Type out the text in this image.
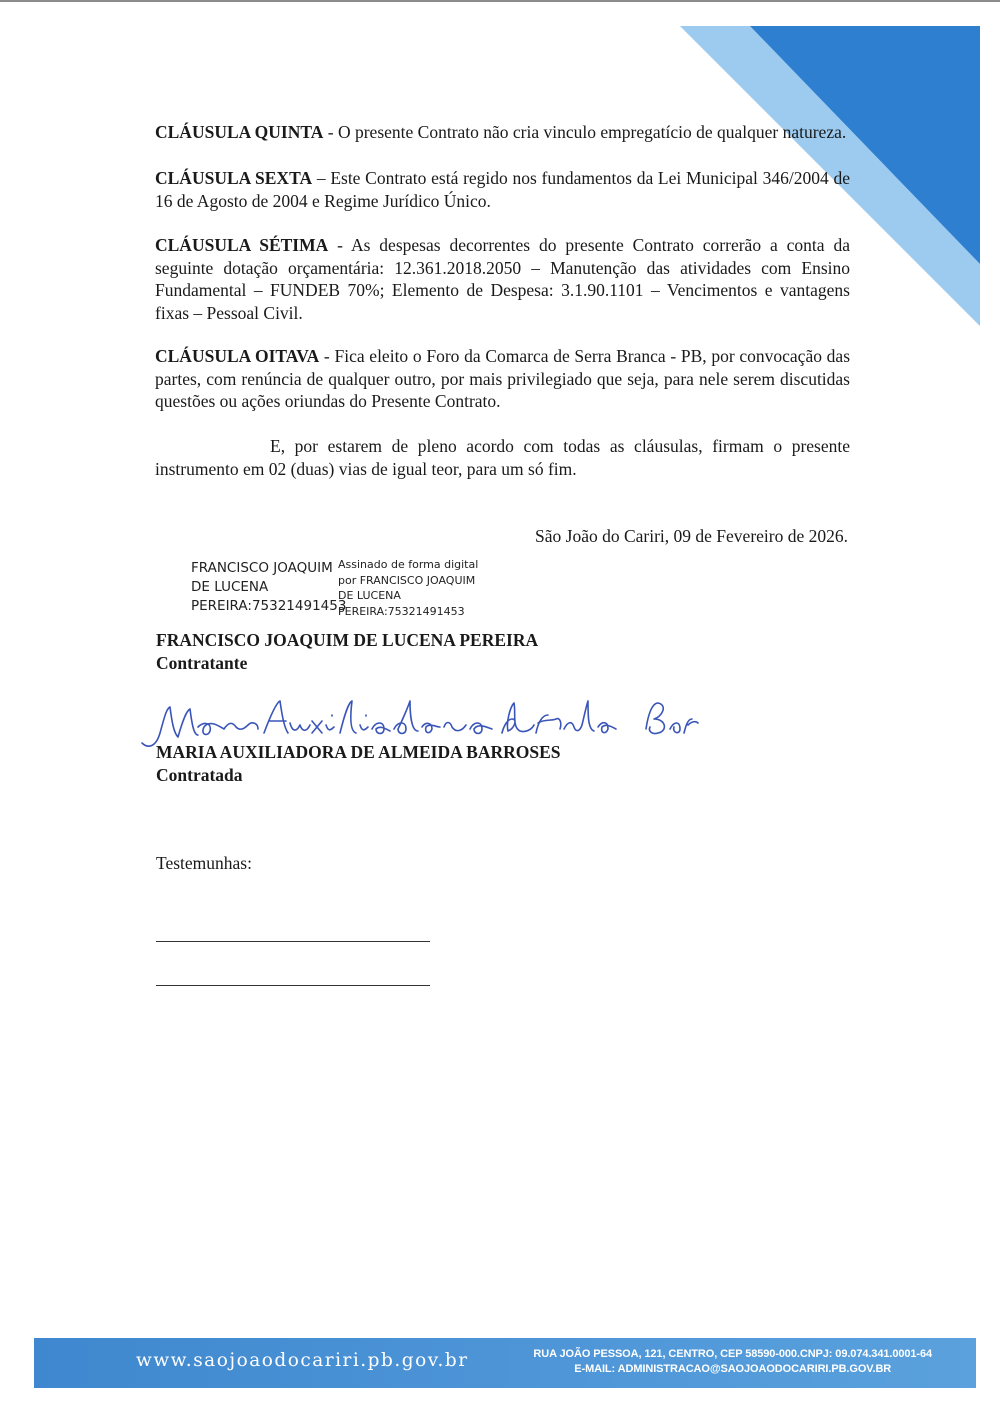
CLÁUSULA QUINTA - O presente Contrato não cria vinculo empregatício de qualquer natureza.

CLÁUSULA SEXTA – Este Contrato está regido nos fundamentos da Lei Municipal 346/2004 de 16 de Agosto de 2004 e Regime Jurídico Único.

CLÁUSULA SÉTIMA - As despesas decorrentes do presente Contrato correrão a conta da seguinte dotação orçamentária: 12.361.2018.2050 – Manutenção das atividades com Ensino Fundamental – FUNDEB 70%; Elemento de Despesa: 3.1.90.1101 – Vencimentos e vantagens fixas – Pessoal Civil.

CLÁUSULA OITAVA - Fica eleito o Foro da Comarca de Serra Branca - PB, por convocação das partes, com renúncia de qualquer outro, por mais privilegiado que seja, para nele serem discutidas questões ou ações oriundas do Presente Contrato.

E, por estarem de pleno acordo com todas as cláusulas, firmam o presente instrumento em 02 (duas) vias de igual teor, para um só fim.

São João do Cariri, 09 de Fevereiro de 2026.
FRANCISCO JOAQUIM
DE LUCENA
PEREIRA:75321491453
Assinado de forma digital
por FRANCISCO JOAQUIM
DE LUCENA
PEREIRA:75321491453
FRANCISCO JOAQUIM DE LUCENA PEREIRA
Contratante
MARIA AUXILIADORA DE ALMEIDA BARROSES
Contratada
Testemunhas:
www.saojoaodocariri.pb.gov.br	RUA JOÃO PESSOA, 121, CENTRO, CEP 58590-000.CNPJ: 09.074.341.0001-64
E-MAIL: ADMINISTRACAO@SAOJOAODOCARIRI.PB.GOV.BR
